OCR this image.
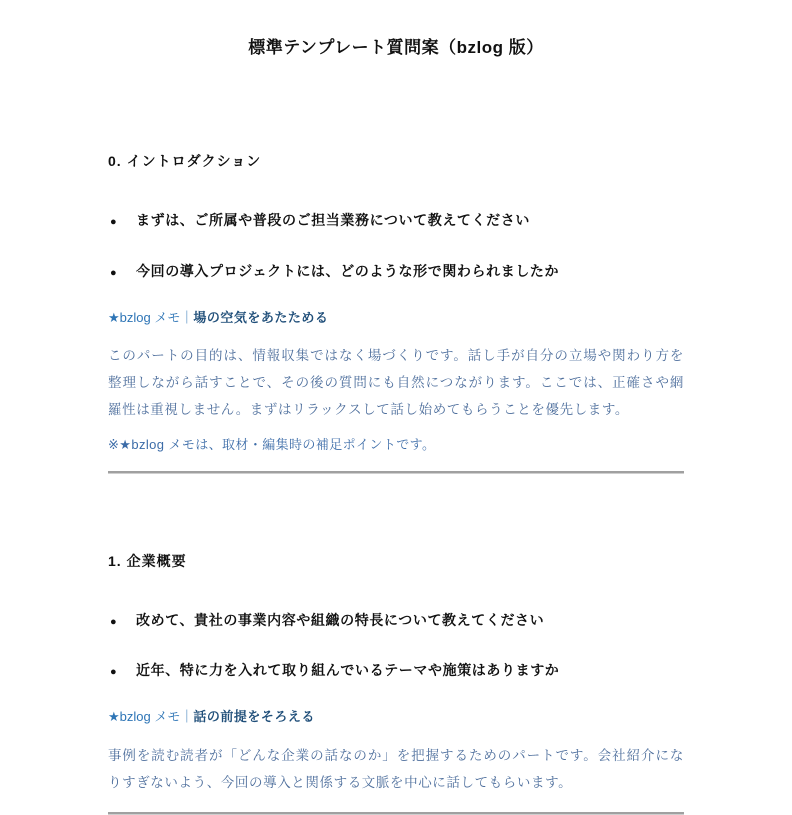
標準テンプレート質問案（bzlog 版）
0. イントロダクション
●	まずは、ご所属や普段のご担当業務について教えてください
●	今回の導入プロジェクトには、どのような形で関わられましたか

★bzlog メモ｜場の空気をあたためる

このパートの目的は、情報収集ではなく場づくりです。話し手が自分の立場や関わり方を整理しながら話すことで、その後の質問にも自然につながります。ここでは、正確さや網羅性は重視しません。まずはリラックスして話し始めてもらうことを優先します。

※★bzlog メモは、取材・編集時の補足ポイントです。

1. 企業概要
●	改めて、貴社の事業内容や組織の特長について教えてください
●	近年、特に力を入れて取り組んでいるテーマや施策はありますか

★bzlog メモ｜話の前提をそろえる

事例を読む読者が「どんな企業の話なのか」を把握するためのパートです。会社紹介になりすぎないよう、今回の導入と関係する文脈を中心に話してもらいます。
